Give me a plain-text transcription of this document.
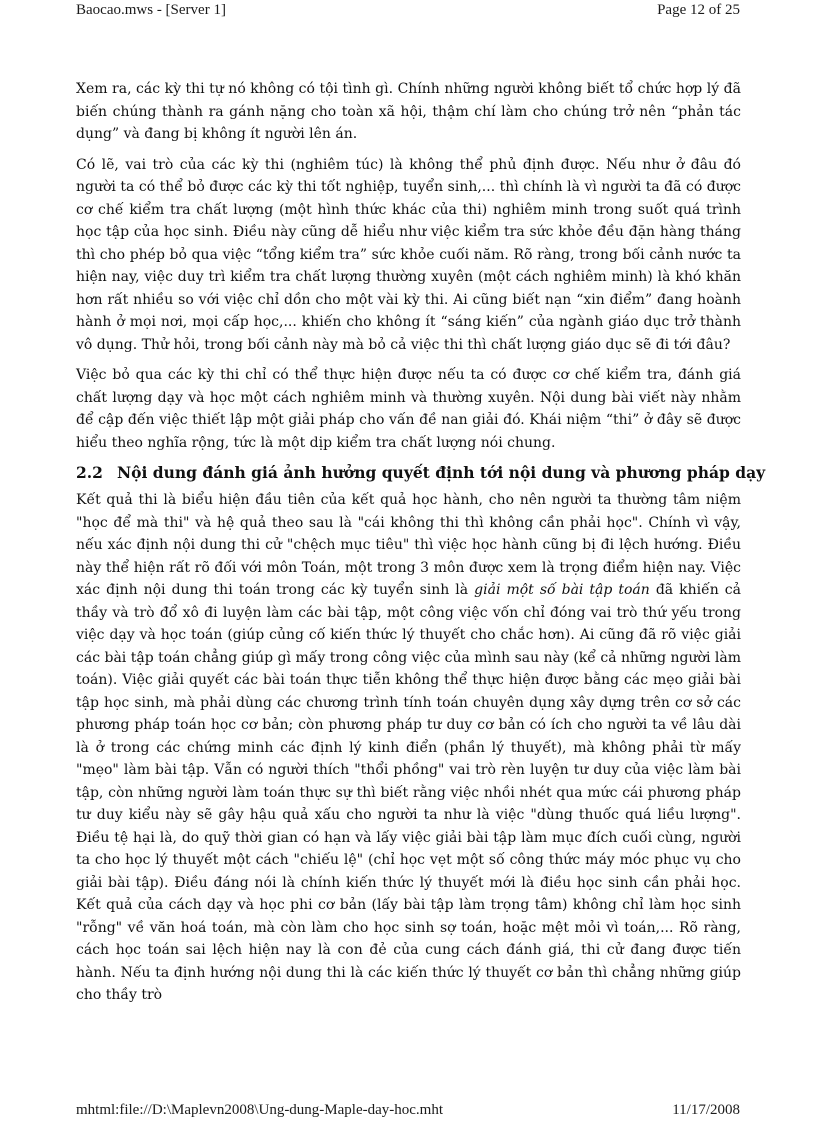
Baocao.mws - [Server 1]	Page 12 of 25

Xem ra, các kỳ thi tự nó không có tội tình gì. Chính những người không biết tổ chức hợp lý đã biến chúng thành ra gánh nặng cho toàn xã hội, thậm chí làm cho chúng trở nên “phản tác dụng” và đang bị không ít người lên án.

Có lẽ, vai trò của các kỳ thi (nghiêm túc) là không thể phủ định được. Nếu như ở đâu đó người ta có thể bỏ được các kỳ thi tốt nghiệp, tuyển sinh,... thì chính là vì người ta đã có được cơ chế kiểm tra chất lượng (một hình thức khác của thi) nghiêm minh trong suốt quá trình học tập của học sinh. Điều này cũng dễ hiểu như việc kiểm tra sức khỏe đều đặn hàng tháng thì cho phép bỏ qua việc “tổng kiểm tra” sức khỏe cuối năm. Rõ ràng, trong bối cảnh nước ta hiện nay, việc duy trì kiểm tra chất lượng thường xuyên (một cách nghiêm minh) là khó khăn hơn rất nhiều so với việc chỉ dồn cho một vài kỳ thi. Ai cũng biết nạn “xin điểm” đang hoành hành ở mọi nơi, mọi cấp học,... khiến cho không ít “sáng kiến” của ngành giáo dục trở thành vô dụng. Thử hỏi, trong bối cảnh này mà bỏ cả việc thi thì chất lượng giáo dục sẽ đi tới đâu?

Việc bỏ qua các kỳ thi chỉ có thể thực hiện được nếu ta có được cơ chế kiểm tra, đánh giá chất lượng dạy và học một cách nghiêm minh và thường xuyên. Nội dung bài viết này nhằm để cập đến việc thiết lập một giải pháp cho vấn đề nan giải đó. Khái niệm “thi” ở đây sẽ được hiểu theo nghĩa rộng, tức là một dịp kiểm tra chất lượng nói chung.

2.2 Nội dung đánh giá ảnh hưởng quyết định tới nội dung và phương pháp dạy

Kết quả thi là biểu hiện đầu tiên của kết quả học hành, cho nên người ta thường tâm niệm "học để mà thi" và hệ quả theo sau là "cái không thi thì không cần phải học". Chính vì vậy, nếu xác định nội dung thi cử "chệch mục tiêu" thì việc học hành cũng bị đi lệch hướng. Điều này thể hiện rất rõ đối với môn Toán, một trong 3 môn được xem là trọng điểm hiện nay. Việc xác định nội dung thi toán trong các kỳ tuyển sinh là giải một số bài tập toán đã khiến cả thầy và trò đổ xô đi luyện làm các bài tập, một công việc vốn chỉ đóng vai trò thứ yếu trong việc dạy và học toán (giúp củng cố kiến thức lý thuyết cho chắc hơn). Ai cũng đã rõ việc giải các bài tập toán chẳng giúp gì mấy trong công việc của mình sau này (kể cả những người làm toán). Việc giải quyết các bài toán thực tiễn không thể thực hiện được bằng các mẹo giải bài tập học sinh, mà phải dùng các chương trình tính toán chuyên dụng xây dựng trên cơ sở các phương pháp toán học cơ bản; còn phương pháp tư duy cơ bản có ích cho người ta về lâu dài là ở trong các chứng minh các định lý kinh điển (phần lý thuyết), mà không phải từ mấy "mẹo" làm bài tập. Vẫn có người thích "thổi phồng" vai trò rèn luyện tư duy của việc làm bài tập, còn những người làm toán thực sự thì biết rằng việc nhồi nhét qua mức cái phương pháp tư duy kiểu này sẽ gây hậu quả xấu cho người ta như là việc "dùng thuốc quá liều lượng". Điều tệ hại là, do quỹ thời gian có hạn và lấy việc giải bài tập làm mục đích cuối cùng, người ta cho học lý thuyết một cách "chiếu lệ" (chỉ học vẹt một số công thức máy móc phục vụ cho giải bài tập). Điều đáng nói là chính kiến thức lý thuyết mới là điều học sinh cần phải học. Kết quả của cách dạy và học phi cơ bản (lấy bài tập làm trọng tâm) không chỉ làm học sinh "rỗng" về văn hoá toán, mà còn làm cho học sinh sợ toán, hoặc mệt mỏi vì toán,... Rõ ràng, cách học toán sai lệch hiện nay là con đẻ của cung cách đánh giá, thi cử đang được tiến hành. Nếu ta định hướng nội dung thi là các kiến thức lý thuyết cơ bản thì chẳng những giúp cho thầy trò

mhtml:file://D:\Maplevn2008\Ung-dung-Maple-day-hoc.mht	11/17/2008
